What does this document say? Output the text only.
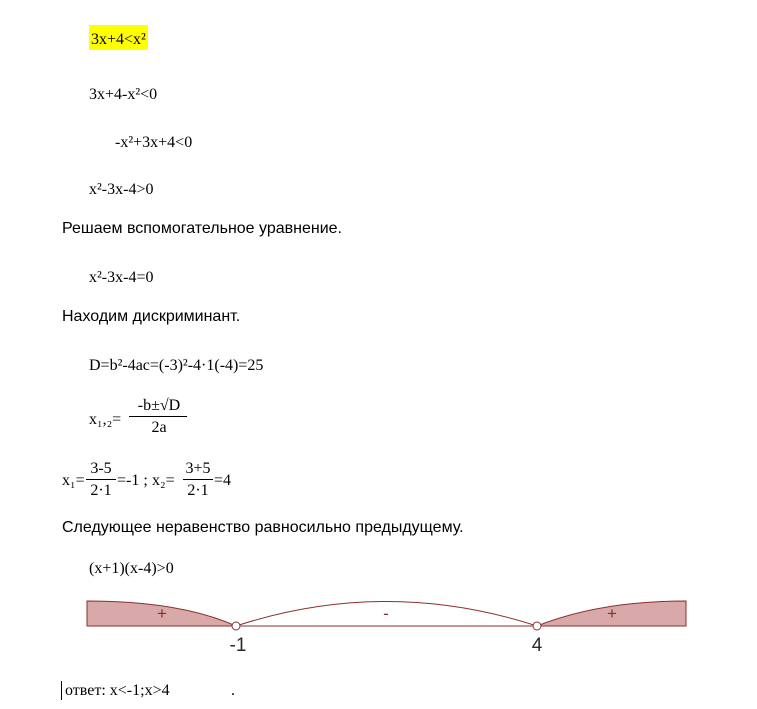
3x+4<x²
3x+4-x²<0
-x²+3x+4<0
x²-3x-4>0
Решаем вспомогательное уравнение.
x²-3x-4=0
Находим дискриминант.
D=b²-4ac=(-3)²-4·1(-4)=25
x₁,₂=
-b±√D
2a
x₁=
3-5
2·1
=-1 ; x₂=
3+5
2·1
=4
Следующее неравенство равносильно предыдущему.
(x+1)(x-4)>0
+	-	+
-1	4
ответ: x<-1;x>4	.
